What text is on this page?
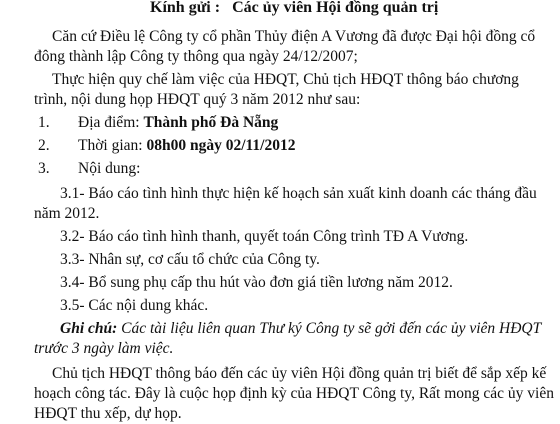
Kính gửi : Các ủy viên Hội đồng quản trị
Căn cứ Điều lệ Công ty cổ phần Thủy điện A Vương đã được Đại hội đồng cổ
đông thành lập Công ty thông qua ngày 24/12/2007;
Thực hiện quy chế làm việc của HĐQT, Chủ tịch HĐQT thông báo chương
trình, nội dung họp HĐQT quý 3 năm 2012 như sau:
1. Địa điểm: Thành phố Đà Nẵng
2. Thời gian: 08h00 ngày 02/11/2012
3. Nội dung:
3.1- Báo cáo tình hình thực hiện kế hoạch sản xuất kinh doanh các tháng đầu
năm 2012.
3.2- Báo cáo tình hình thanh, quyết toán Công trình TĐ A Vương.
3.3- Nhân sự, cơ cấu tổ chức của Công ty.
3.4- Bổ sung phụ cấp thu hút vào đơn giá tiền lương năm 2012.
3.5- Các nội dung khác.
Ghi chú: Các tài liệu liên quan Thư ký Công ty sẽ gởi đến các ủy viên HĐQT
trước 3 ngày làm việc.
Chủ tịch HĐQT thông báo đến các ủy viên Hội đồng quản trị biết để sắp xếp kế
hoạch công tác. Đây là cuộc họp định kỳ của HĐQT Công ty, Rất mong các ủy viên
HĐQT thu xếp, dự họp.
